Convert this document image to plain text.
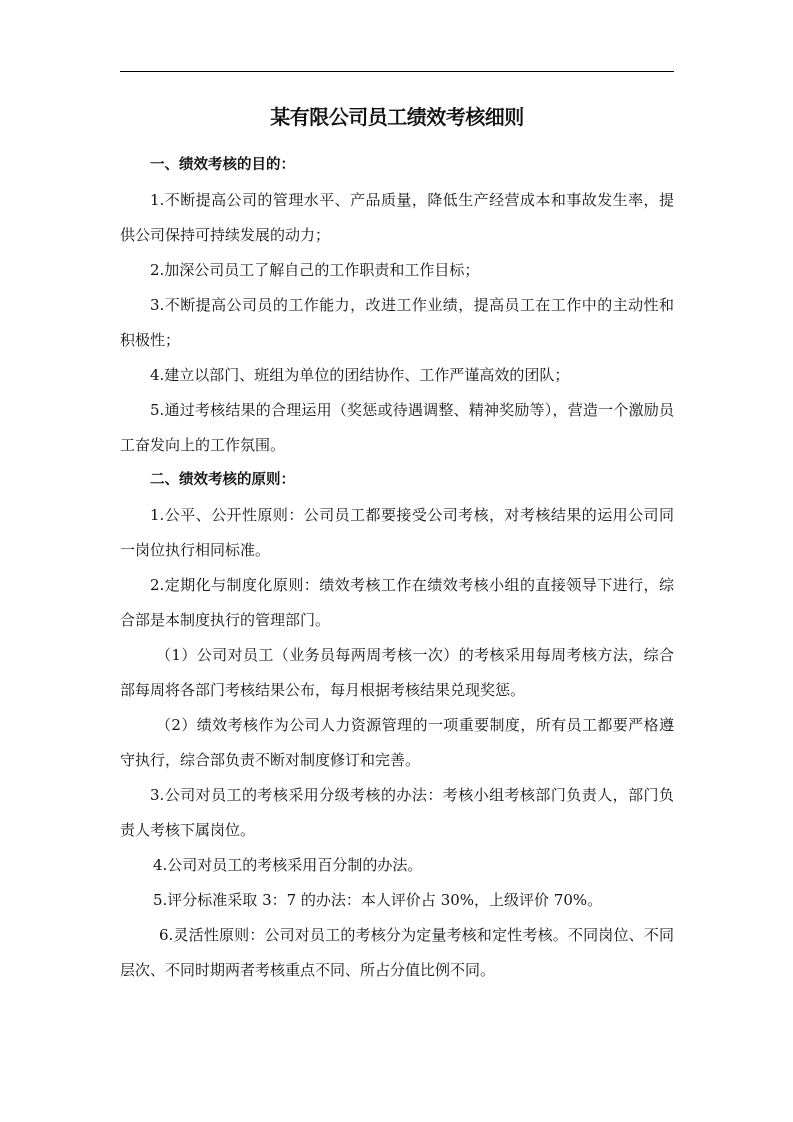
某有限公司员工绩效考核细则

一、绩效考核的目的：

1.不断提高公司的管理水平、产品质量，降低生产经营成本和事故发生率，提供公司保持可持续发展的动力；

2.加深公司员工了解自己的工作职责和工作目标；

3.不断提高公司员的工作能力，改进工作业绩，提高员工在工作中的主动性和积极性；

4.建立以部门、班组为单位的团结协作、工作严谨高效的团队；

5.通过考核结果的合理运用（奖惩或待遇调整、精神奖励等），营造一个激励员工奋发向上的工作氛围。

二、绩效考核的原则：

1.公平、公开性原则：公司员工都要接受公司考核，对考核结果的运用公司同一岗位执行相同标准。

2.定期化与制度化原则：绩效考核工作在绩效考核小组的直接领导下进行，综合部是本制度执行的管理部门。

（1）公司对员工（业务员每两周考核一次）的考核采用每周考核方法，综合部每周将各部门考核结果公布，每月根据考核结果兑现奖惩。

（2）绩效考核作为公司人力资源管理的一项重要制度，所有员工都要严格遵守执行，综合部负责不断对制度修订和完善。

3.公司对员工的考核采用分级考核的办法：考核小组考核部门负责人，部门负责人考核下属岗位。

4.公司对员工的考核采用百分制的办法。

5.评分标准采取 3：7 的办法：本人评价占 30%，上级评价 70%。

6.灵活性原则：公司对员工的考核分为定量考核和定性考核。不同岗位、不同层次、不同时期两者考核重点不同、所占分值比例不同。
